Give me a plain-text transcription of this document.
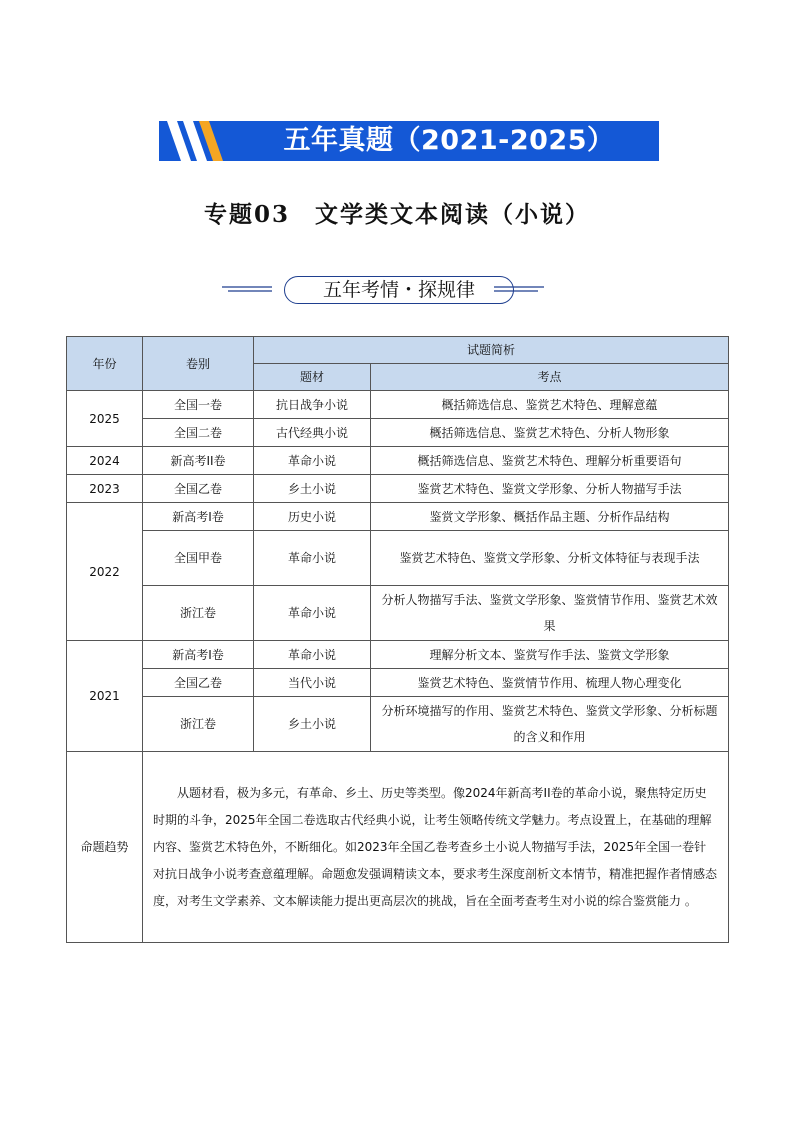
五年真题（2021-2025）
专题03　文学类文本阅读（小说）
五年考情・探规律
年份	卷别	试题简析	
		题材	考点
2025	全国一卷	抗日战争小说	概括筛选信息、鉴赏艺术特色、理解意蕴
	全国二卷	古代经典小说	概括筛选信息、鉴赏艺术特色、分析人物形象
2024	新高考II卷	革命小说	概括筛选信息、鉴赏艺术特色、理解分析重要语句
2023	全国乙卷	乡土小说	鉴赏艺术特色、鉴赏文学形象、分析人物描写手法
2022	新高考Ⅰ卷	历史小说	鉴赏文学形象、概括作品主题、分析作品结构
	全国甲卷	革命小说	鉴赏艺术特色、鉴赏文学形象、分析文体特征与表现手法
	浙江卷	革命小说	分析人物描写手法、鉴赏文学形象、鉴赏情节作用、鉴赏艺术效果
2021	新高考Ⅰ卷	革命小说	理解分析文本、鉴赏写作手法、鉴赏文学形象
	全国乙卷	当代小说	鉴赏艺术特色、鉴赏情节作用、梳理人物心理变化
	浙江卷	乡土小说	分析环境描写的作用、鉴赏艺术特色、鉴赏文学形象、分析标题的含义和作用
命题趋势	从题材看，极为多元，有革命、乡土、历史等类型。像2024年新高考II卷的革命小说，聚焦特定历史时期的斗争，2025年全国二卷选取古代经典小说，让考生领略传统文学魅力。考点设置上，在基础的理解内容、鉴赏艺术特色外，不断细化。如2023年全国乙卷考查乡土小说人物描写手法，2025年全国一卷针对抗日战争小说考查意蕴理解。命题愈发强调精读文本，要求考生深度剖析文本情节，精准把握作者情感态度，对考生文学素养、文本解读能力提出更高层次的挑战，旨在全面考查考生对小说的综合鉴赏能力 。		
